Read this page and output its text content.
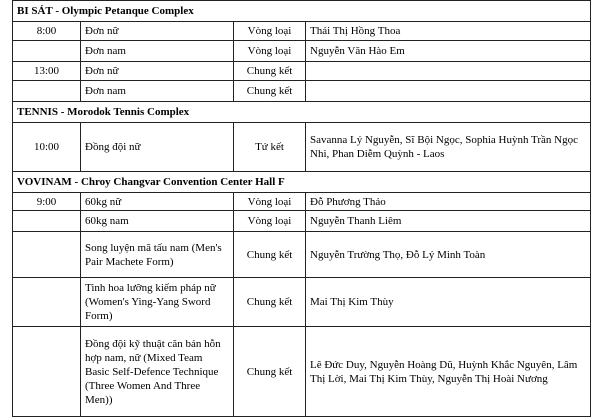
BI SÁT - Olympic Petanque Complex			
8:00	Đơn nữ	Vòng loại	Thái Thị Hồng Thoa
	Đơn nam	Vòng loại	Nguyễn Văn Hào Em
13:00	Đơn nữ	Chung kết	
	Đơn nam	Chung kết	
TENNIS - Morodok Tennis Complex			
10:00	Đồng đội nữ	Tứ kết	Savanna Lý Nguyễn, Sĩ Bội Ngọc, Sophia Huỳnh Trần Ngọc Nhi, Phan Diễm Quỳnh - Laos
VOVINAM - Chroy Changvar Convention Center Hall F			
9:00	60kg nữ	Vòng loại	Đỗ Phương Thảo
	60kg nam	Vòng loại	Nguyễn Thanh Liêm
	Song luyện mã tấu nam (Men's Pair Machete Form)	Chung kết	Nguyễn Trường Thọ, Đỗ Lý Minh Toàn
	Tinh hoa lưỡng kiếm pháp nữ (Women's Ying-Yang Sword Form)	Chung kết	Mai Thị Kim Thùy
	Đồng đội kỹ thuật căn bản hỗn hợp nam, nữ (Mixed Team Basic Self-Defence Technique (Three Women And Three Men))	Chung kết	Lê Đức Duy, Nguyễn Hoàng Dũ, Huỳnh Khắc Nguyên, Lâm Thị Lời, Mai Thị Kim Thùy, Nguyễn Thị Hoài Nương
